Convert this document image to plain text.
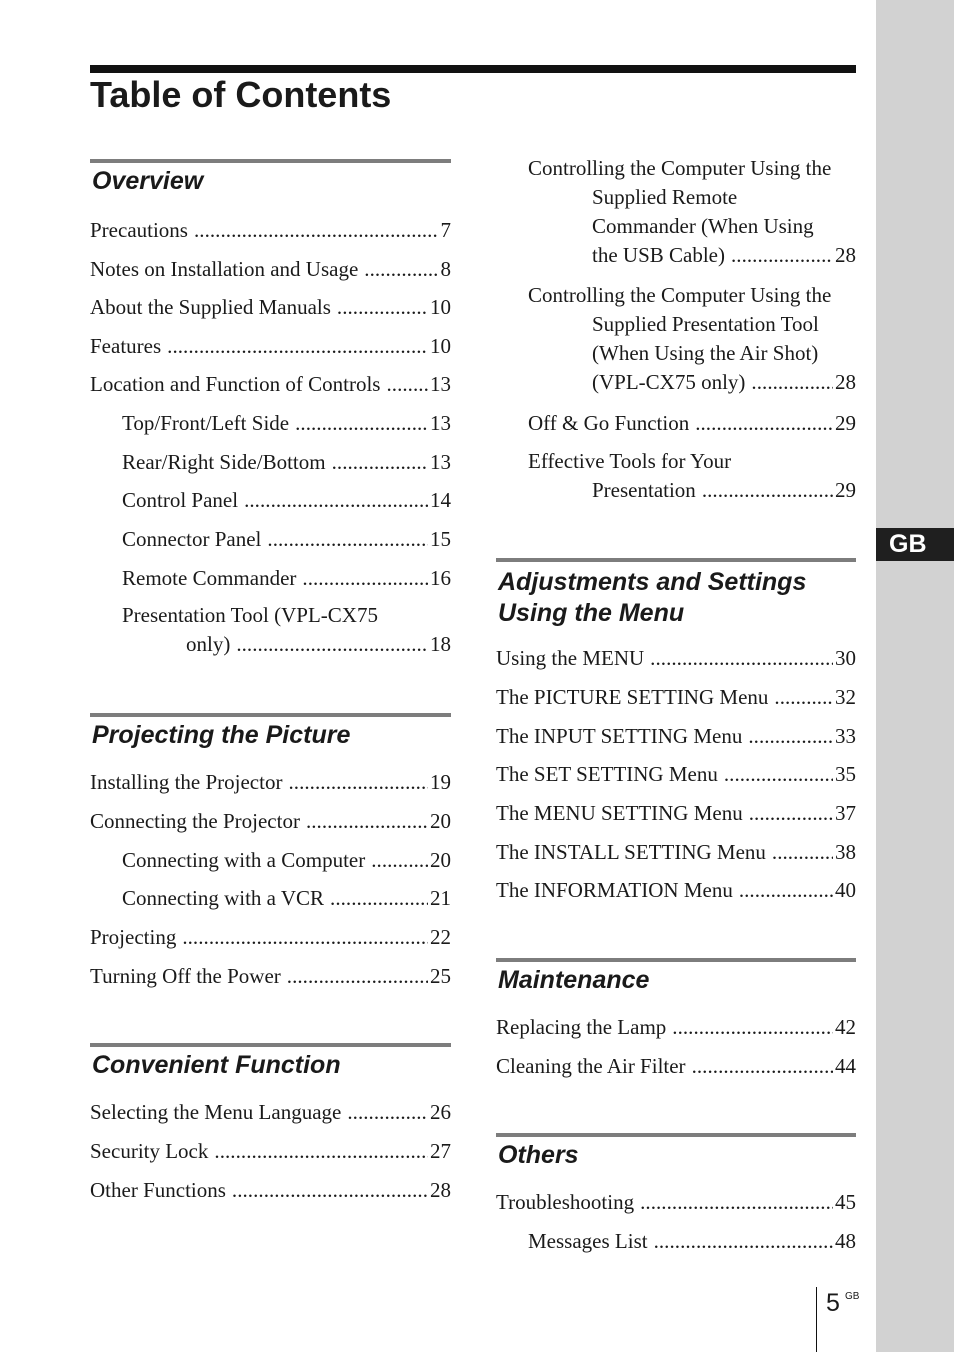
GB
Table of Contents
Overview
Precautions . . .	7
Notes on Installation and Usage . . .	8
About the Supplied Manuals . . .	10
Features . . .	10
Location and Function of Controls . . . 13
Top/Front/Left Side . . .	13
Rear/Right Side/Bottom . . .	13
Control Panel . . .	14
Connector Panel . . .	15
Remote Commander . . .	16
Presentation Tool (VPL-CX75
only) . . .	18
Projecting the Picture
Installing the Projector . . .	19
Connecting the Projector . . .	20
Connecting with a Computer . . .	20
Connecting with a VCR . . .	21
Projecting . . .	22
Turning Off the Power . . .	25
Convenient Function
Selecting the Menu Language . . .	26
Security Lock . . .	27
Other Functions . . .	28
Controlling the Computer Using the
Supplied Remote
Commander (When Using
the USB Cable) . . .	28
Controlling the Computer Using the
Supplied Presentation Tool
(When Using the Air Shot)
(VPL-CX75 only) . . .	28
Off & Go Function . . .	29
Effective Tools for Your
Presentation . . .	29
Adjustments and Settings
Using the Menu
Using the MENU . . .	30
The PICTURE SETTING Menu . . .	32
The INPUT SETTING Menu . . .	33
The SET SETTING Menu . . .	35
The MENU SETTING Menu . . .	37
The INSTALL SETTING Menu . . .	38
The INFORMATION Menu . . .	40
Maintenance
Replacing the Lamp . . .	42
Cleaning the Air Filter . . .	44
Others
Troubleshooting . . .	45
Messages List . . .	48
5 GB
